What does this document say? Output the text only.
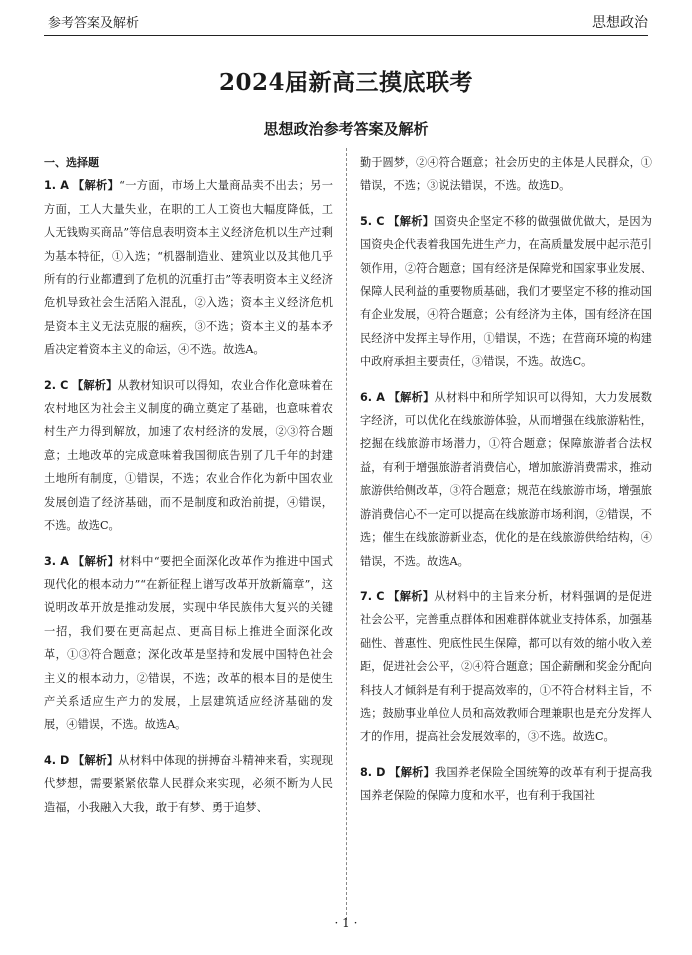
参考答案及解析	思想政治
2024届新高三摸底联考
思想政治参考答案及解析
一、选择题
1. A 【解析】“一方面，市场上大量商品卖不出去；另一方面，工人大量失业，在职的工人工资也大幅度降低，工人无钱购买商品”等信息表明资本主义经济危机以生产过剩为基本特征，①入选；“机器制造业、建筑业以及其他几乎所有的行业都遭到了危机的沉重打击”等表明资本主义经济危机导致社会生活陷入混乱，②入选；资本主义经济危机是资本主义无法克服的痼疾，③不选；资本主义的基本矛盾决定着资本主义的命运，④不选。故选A。
2. C 【解析】从教材知识可以得知，农业合作化意味着在农村地区为社会主义制度的确立奠定了基础，也意味着农村生产力得到解放，加速了农村经济的发展，②③符合题意；土地改革的完成意味着我国彻底告别了几千年的封建土地所有制度，①错误，不选；农业合作化为新中国农业发展创造了经济基础，而不是制度和政治前提，④错误，不选。故选C。
3. A 【解析】材料中“要把全面深化改革作为推进中国式现代化的根本动力”“在新征程上谱写改革开放新篇章”，这说明改革开放是推动发展，实现中华民族伟大复兴的关键一招，我们要在更高起点、更高目标上推进全面深化改革，①③符合题意；深化改革是坚持和发展中国特色社会主义的根本动力，②错误，不选；改革的根本目的是使生产关系适应生产力的发展，上层建筑适应经济基础的发展，④错误，不选。故选A。
4. D 【解析】从材料中体现的拼搏奋斗精神来看，实现现代梦想，需要紧紧依靠人民群众来实现，必须不断为人民造福，小我融入大我，敢于有梦、勇于追梦、
勤于圆梦，②④符合题意；社会历史的主体是人民群众，①错误，不选；③说法错误，不选。故选D。
5. C 【解析】国资央企坚定不移的做强做优做大，是因为国资央企代表着我国先进生产力，在高质量发展中起示范引领作用，②符合题意；国有经济是保障党和国家事业发展、保障人民利益的重要物质基础，我们才要坚定不移的推动国有企业发展，④符合题意；公有经济为主体，国有经济在国民经济中发挥主导作用，①错误，不选；在营商环境的构建中政府承担主要责任，③错误，不选。故选C。
6. A 【解析】从材料中和所学知识可以得知，大力发展数字经济，可以优化在线旅游体验，从而增强在线旅游粘性，挖掘在线旅游市场潜力，①符合题意；保障旅游者合法权益，有利于增强旅游者消费信心，增加旅游消费需求，推动旅游供给侧改革，③符合题意；规范在线旅游市场，增强旅游消费信心不一定可以提高在线旅游市场利润，②错误，不选；催生在线旅游新业态，优化的是在线旅游供给结构，④错误，不选。故选A。
7. C 【解析】从材料中的主旨来分析，材料强调的是促进社会公平，完善重点群体和困难群体就业支持体系，加强基础性、普惠性、兜底性民生保障，都可以有效的缩小收入差距，促进社会公平，②④符合题意；国企薪酬和奖金分配向科技人才倾斜是有利于提高效率的，①不符合材料主旨，不选；鼓励事业单位人员和高效教师合理兼职也是充分发挥人才的作用，提高社会发展效率的，③不选。故选C。
8. D 【解析】我国养老保险全国统筹的改革有利于提高我国养老保险的保障力度和水平，也有利于我国社
· 1 ·
